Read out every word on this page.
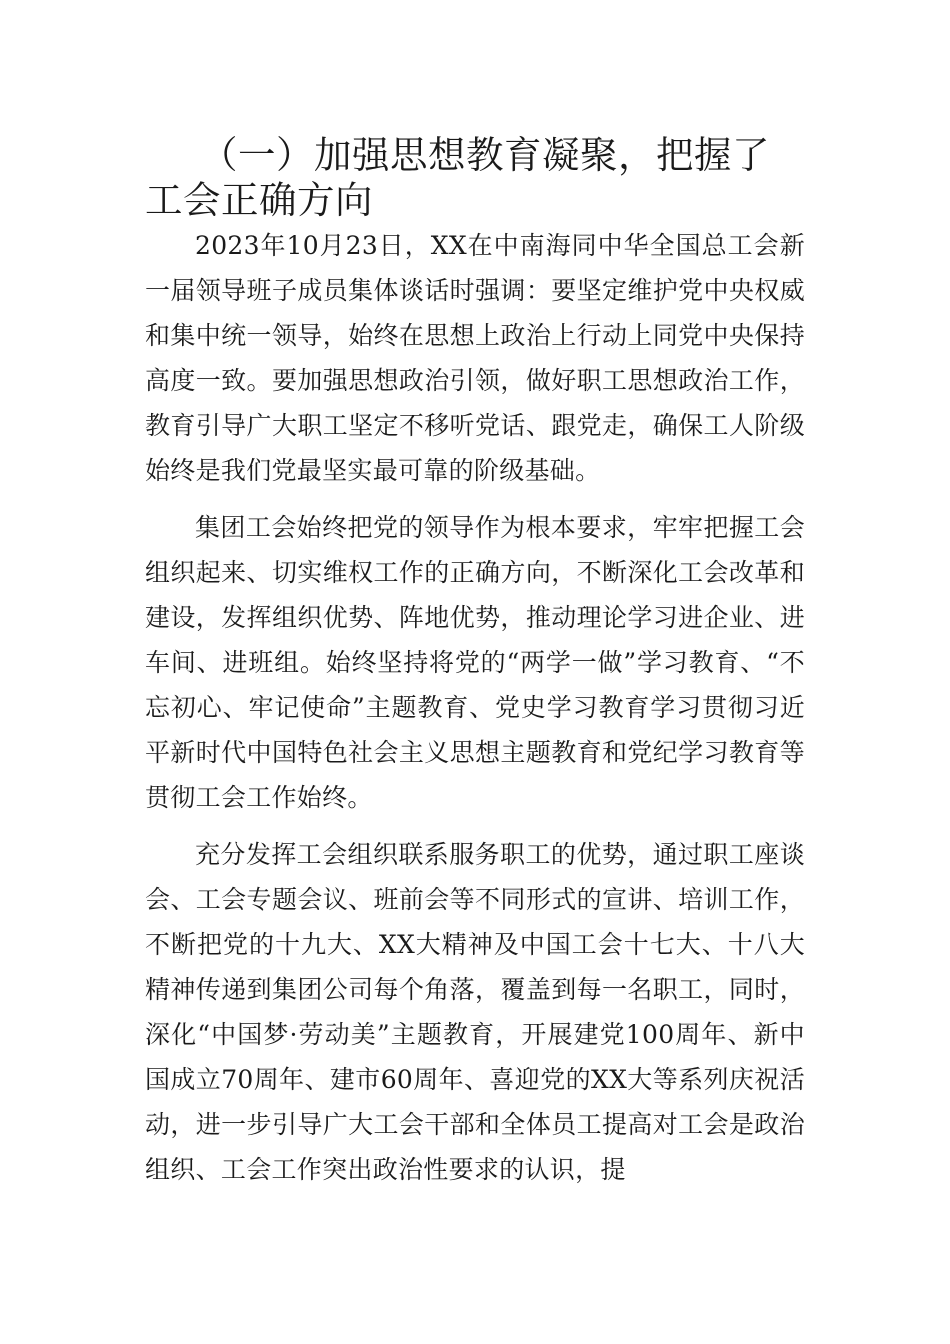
（一）加强思想教育凝聚，把握了工会正确方向

2023年10月23日，XX在中南海同中华全国总工会新一届领导班子成员集体谈话时强调：要坚定维护党中央权威和集中统一领导，始终在思想上政治上行动上同党中央保持高度一致。要加强思想政治引领，做好职工思想政治工作，教育引导广大职工坚定不移听党话、跟党走，确保工人阶级始终是我们党最坚实最可靠的阶级基础。

集团工会始终把党的领导作为根本要求，牢牢把握工会组织起来、切实维权工作的正确方向，不断深化工会改革和建设，发挥组织优势、阵地优势，推动理论学习进企业、进车间、进班组。始终坚持将党的“两学一做”学习教育、“不忘初心、牢记使命”主题教育、党史学习教育学习贯彻习近平新时代中国特色社会主义思想主题教育和党纪学习教育等贯彻工会工作始终。

充分发挥工会组织联系服务职工的优势，通过职工座谈会、工会专题会议、班前会等不同形式的宣讲、培训工作，不断把党的十九大、XX大精神及中国工会十七大、十八大精神传递到集团公司每个角落，覆盖到每一名职工，同时，深化“中国梦·劳动美”主题教育，开展建党100周年、新中国成立70周年、建市60周年、喜迎党的XX大等系列庆祝活动，进一步引导广大工会干部和全体员工提高对工会是政治组织、工会工作突出政治性要求的认识，提
